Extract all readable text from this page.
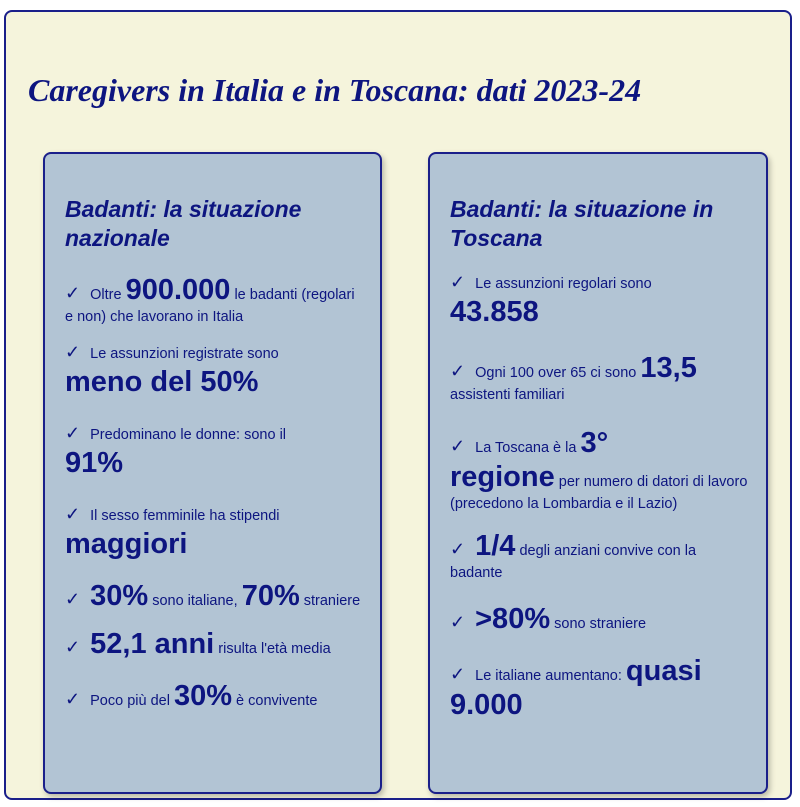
Caregivers in Italia e in Toscana: dati 2023-24
Badanti: la situazione nazionale

✓ Oltre 900.000 le badanti (regolari e non) che lavorano in Italia

✓ Le assunzioni registrate sono
meno del 50%

✓ Predominano le donne: sono il
91%

✓ Il sesso femminile ha stipendi
maggiori

✓ 30% sono italiane, 70% straniere

✓ 52,1 anni risulta l'età media

✓ Poco più del 30% è convivente

Badanti: la situazione in Toscana

✓ Le assunzioni regolari sono
43.858

✓ Ogni 100 over 65 ci sono 13,5 assistenti familiari

✓ La Toscana è la 3°
regione per numero di datori di lavoro (precedono la Lombardia e il Lazio)

✓ 1/4 degli anziani convive con la badante

✓ >80% sono straniere

✓ Le italiane aumentano: quasi 9.000
